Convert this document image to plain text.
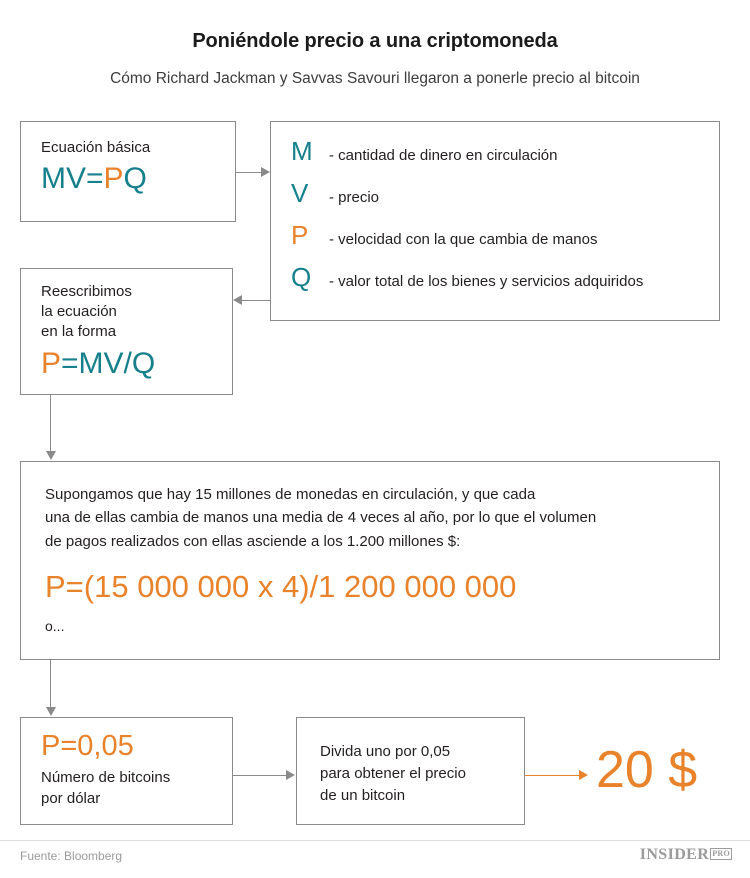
Poniéndole precio a una criptomoneda
Cómo Richard Jackman y Savvas Savouri llegaron a ponerle precio al bitcoin
Ecuación básica
MV=PQ
M	- cantidad de dinero en circulación
V	- precio
P	- velocidad con la que cambia de manos
Q	- valor total de los bienes y servicios adquiridos
Reescribimos
la ecuación
en la forma
P=MV/Q
Supongamos que hay 15 millones de monedas en circulación, y que cada
una de ellas cambia de manos una media de 4 veces al año, por lo que el volumen
de pagos realizados con ellas asciende a los 1.200 millones $:
P=(15 000 000 x 4)/1 200 000 000
o...
P=0,05
Número de bitcoins
por dólar
Divida uno por 0,05
para obtener el precio
de un bitcoin	20 $
Fuente: Bloomberg	INSIDER PRO
